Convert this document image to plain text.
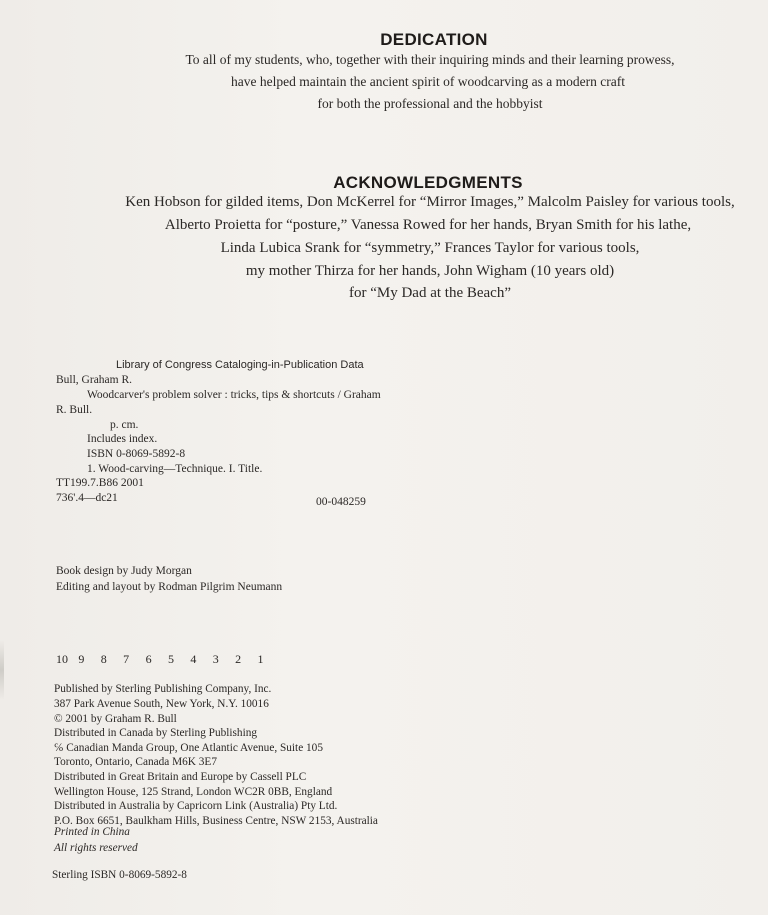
DEDICATION
To all of my students, who, together with their inquiring minds and their learning prowess,
have helped maintain the ancient spirit of woodcarving as a modern craft
for both the professional and the hobbyist
ACKNOWLEDGMENTS
Ken Hobson for gilded items, Don McKerrel for “Mirror Images,” Malcolm Paisley for various tools,
Alberto Proietta for “posture,” Vanessa Rowed for her hands, Bryan Smith for his lathe,
Linda Lubica Srank for “symmetry,” Frances Taylor for various tools,
my mother Thirza for her hands, John Wigham (10 years old)
for “My Dad at the Beach”
Library of Congress Cataloging-in-Publication Data
Bull, Graham R.
Woodcarver's problem solver : tricks, tips & shortcuts / Graham
R. Bull.
p. cm.
Includes index.
ISBN 0-8069-5892-8
1. Wood-carving—Technique. I. Title.
TT199.7.B86 2001
736'.4—dc21	00-048259
Book design by Judy Morgan
Editing and layout by Rodman Pilgrim Neumann
10 9 8 7 6 5 4 3 2 1
Published by Sterling Publishing Company, Inc.
387 Park Avenue South, New York, N.Y. 10016
© 2001 by Graham R. Bull
Distributed in Canada by Sterling Publishing
℅ Canadian Manda Group, One Atlantic Avenue, Suite 105
Toronto, Ontario, Canada M6K 3E7
Distributed in Great Britain and Europe by Cassell PLC
Wellington House, 125 Strand, London WC2R 0BB, England
Distributed in Australia by Capricorn Link (Australia) Pty Ltd.
P.O. Box 6651, Baulkham Hills, Business Centre, NSW 2153, Australia
Printed in China
All rights reserved
Sterling ISBN 0-8069-5892-8
